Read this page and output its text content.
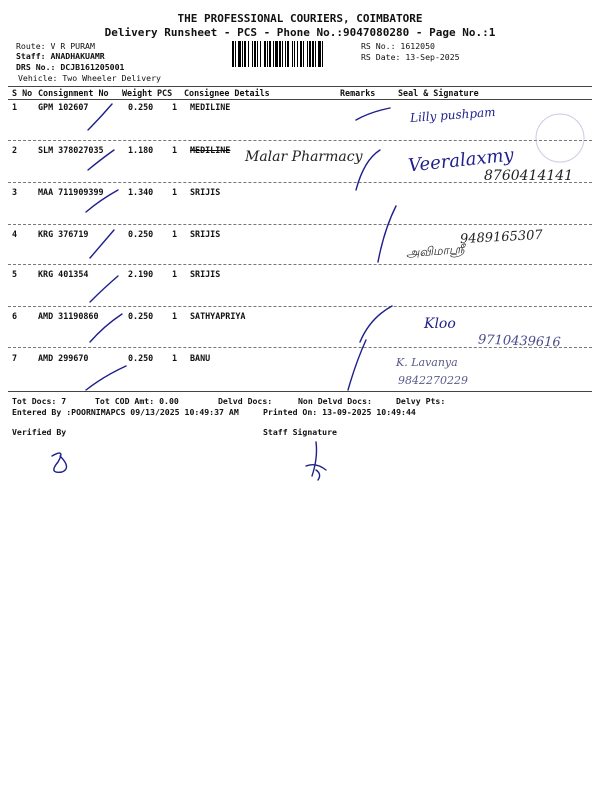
THE PROFESSIONAL COURIERS, COIMBATORE
Delivery Runsheet - PCS - Phone No.:9047080280 - Page No.:1
Route: V R PURAM
Staff: ANADHAKUAMR
DRS No.: DCJB161205001
Vehicle: Two Wheeler Delivery
RS No.: 1612050
RS Date: 13-Sep-2025
S No Consignment No Weight PCS Consignee Details	Remarks	Seal & Signature
1 GPM 102607	0.250 1 MEDILINE
2 SLM 378027035	1.180 1 MEDILINE
3 MAA 711909399	1.340 1 SRIJIS
4 KRG 376719	0.250 1 SRIJIS
5 KRG 401354	2.190 1 SRIJIS
6 AMD 31190860	0.250 1 SATHYAPRIYA
7 AMD 299670	0.250 1 BANU
Tot Docs: 7	Tot COD Amt: 0.00	Delvd Docs:	Non Delvd Docs:	Delvy Pts:
Entered By :POORNIMAPCS 09/13/2025 10:49:37 AM	Printed On: 13-09-2025 10:49:44
Verified By	Staff Signature
Lilly pushpam
Malar Pharmacy Veeralaxmy
8760414141
9489165307
அவிமாஸ்ரீ
Kloo
9710439616
K. Lavanya
9842270229
